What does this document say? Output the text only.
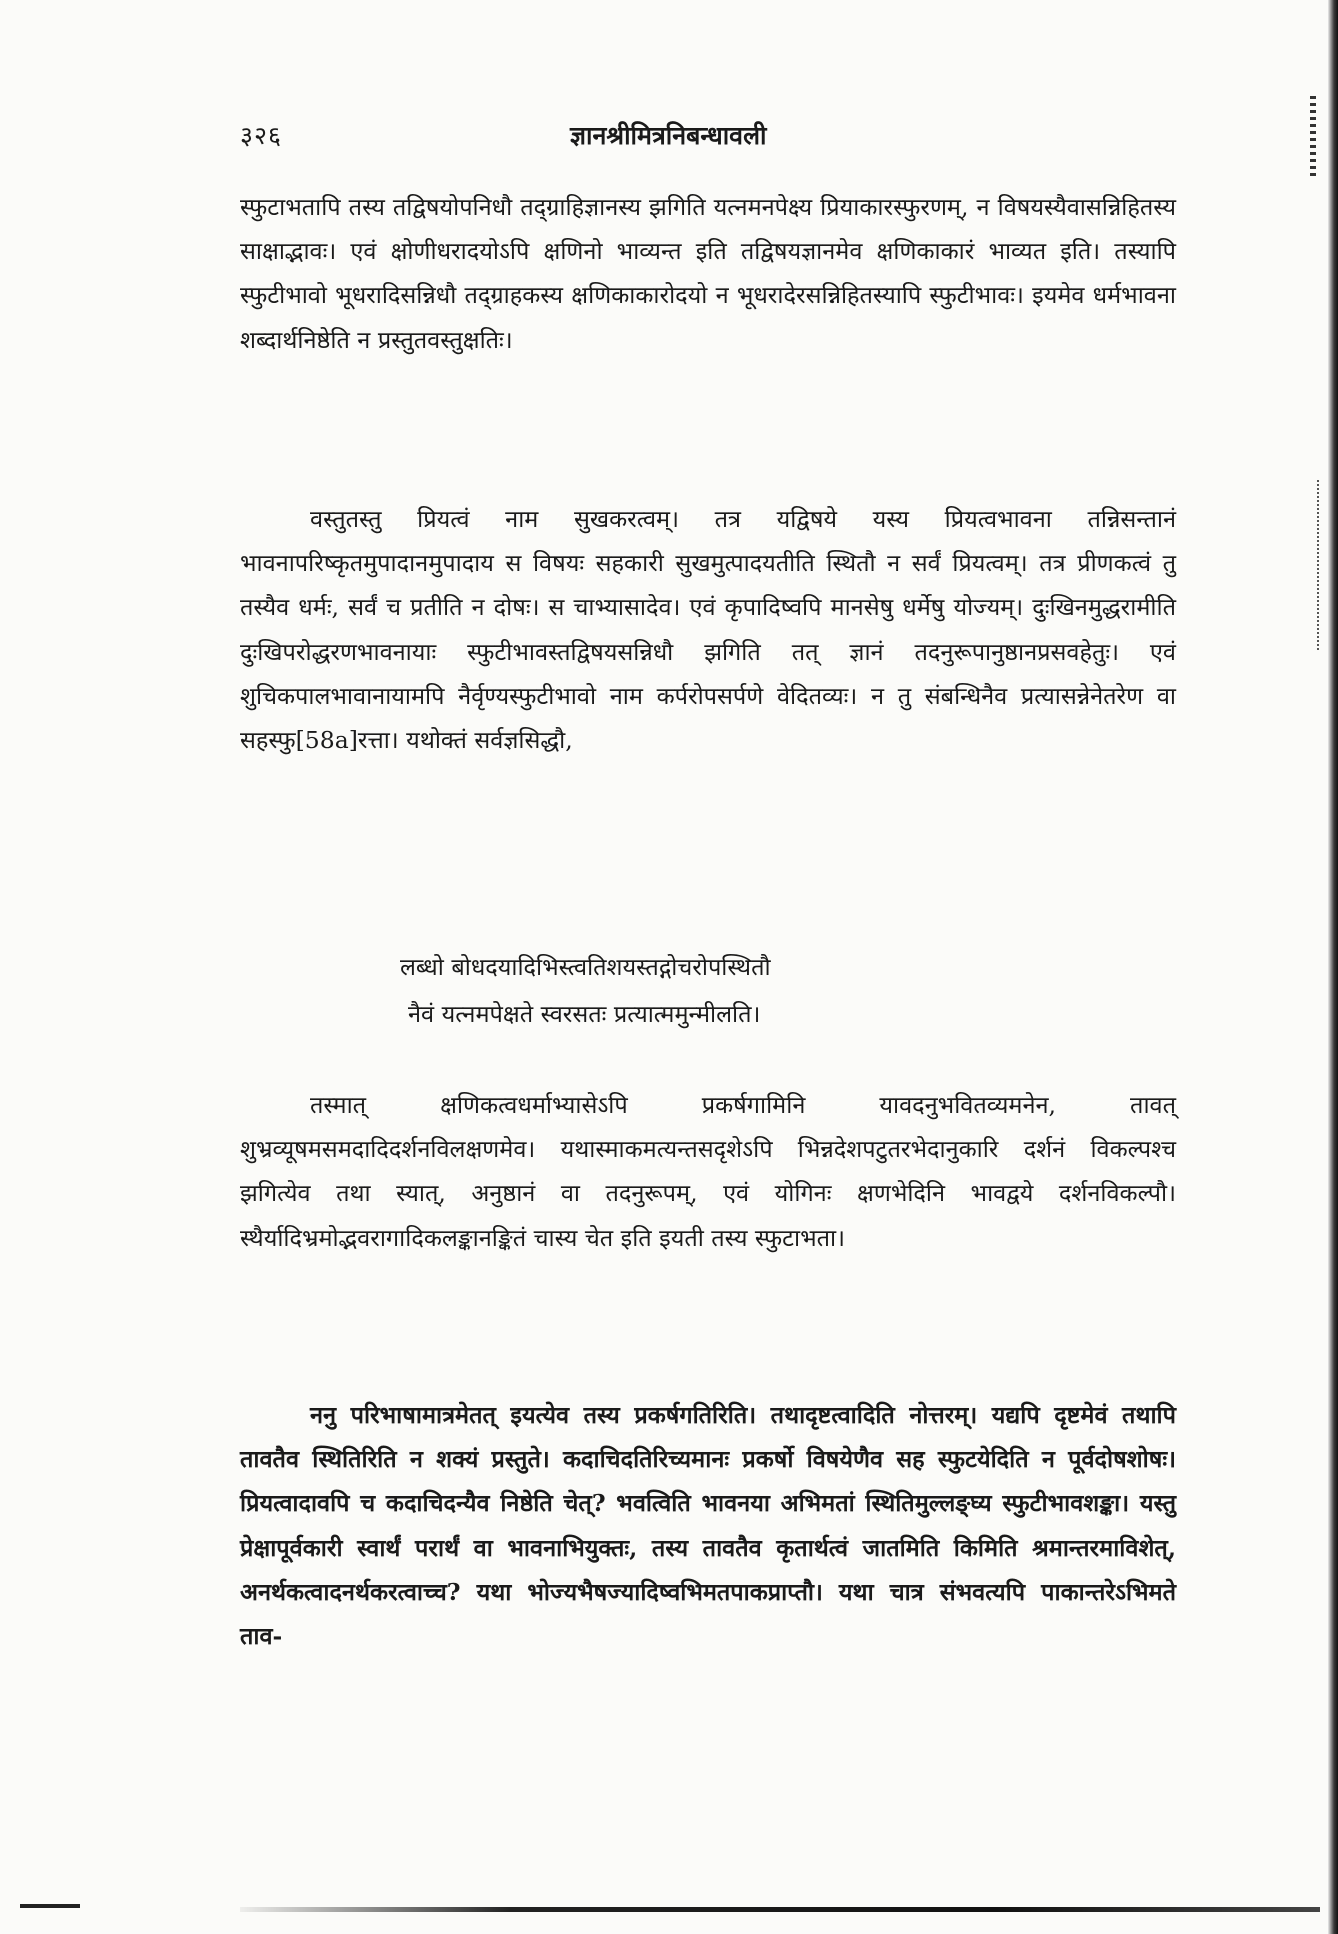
३२६	ज्ञानश्रीमित्रनिबन्धावली

स्फुटाभतापि तस्य तद्विषयोपनिधौ तद्ग्राहिज्ञानस्य झगिति यत्नमनपेक्ष्य प्रियाकारस्फुरणम्, न विषयस्यैवासन्निहितस्य साक्षाद्भावः। एवं क्षोणीधरादयोऽपि क्षणिनो भाव्यन्त इति तद्विषयज्ञानमेव क्षणिकाकारं भाव्यत इति। तस्यापि स्फुटीभावो भूधरादिसन्निधौ तद्ग्राहकस्य क्षणिकाकारोदयो न भूधरादेरसन्निहितस्यापि स्फुटीभावः। इयमेव धर्मभावना शब्दार्थनिष्ठेति न प्रस्तुतवस्तुक्षतिः।

वस्तुतस्तु प्रियत्वं नाम सुखकरत्वम्। तत्र यद्विषये यस्य प्रियत्वभावना तन्निसन्तानं भावनापरिष्कृतमुपादानमुपादाय स विषयः सहकारी सुखमुत्पादयतीति स्थितौ न सर्वं प्रियत्वम्। तत्र प्रीणकत्वं तु तस्यैव धर्मः, सर्वं च प्रतीति न दोषः। स चाभ्यासादेव। एवं कृपादिष्वपि मानसेषु धर्मेषु योज्यम्। दुःखिनमुद्धरामीति दुःखिपरोद्धरणभावनायाः स्फुटीभावस्तद्विषयसन्निधौ झगिति तत् ज्ञानं तदनुरूपानुष्ठानप्रसवहेतुः। एवं शुचिकपालभावानायामपि नैर्वृण्यस्फुटीभावो नाम कर्परोपसर्पणे वेदितव्यः। न तु संबन्धिनैव प्रत्यासन्नेनेतरेण वा सहस्फु[58a]रत्ता। यथोक्तं सर्वज्ञसिद्धौ,

लब्धो बोधदयादिभिस्त्वतिशयस्तद्गोचरोपस्थितौ
नैवं यत्नमपेक्षते स्वरसतः प्रत्यात्ममुन्मीलति।

तस्मात् क्षणिकत्वधर्माभ्यासेऽपि प्रकर्षगामिनि यावदनुभवितव्यमनेन, तावत् शुभ्रव्यूषमसमदादिदर्शनविलक्षणमेव। यथास्माकमत्यन्तसदृशेऽपि भिन्नदेशपटुतरभेदानुकारि दर्शनं विकल्पश्च झगित्येव तथा स्यात्, अनुष्ठानं वा तदनुरूपम्, एवं योगिनः क्षणभेदिनि भावद्वये दर्शनविकल्पौ। स्थैर्यादिभ्रमोद्भवरागादिकलङ्कानङ्कितं चास्य चेत इति इयती तस्य स्फुटाभता।

ननु परिभाषामात्रमेतत् इयत्येव तस्य प्रकर्षगतिरिति। तथादृष्टत्वादिति नोत्तरम्। यद्यपि दृष्टमेवं तथापि तावतैव स्थितिरिति न शक्यं प्रस्तुते। कदाचिदतिरिच्यमानः प्रकर्षो विषयेणैव सह स्फुटयेदिति न पूर्वदोषशोषः। प्रियत्वादावपि च कदाचिदन्यैव निष्ठेति चेत्? भवत्विति भावनया अभिमतां स्थितिमुल्लङ्घ्य स्फुटीभावशङ्का। यस्तु प्रेक्षापूर्वकारी स्वार्थं परार्थं वा भावनाभियुक्तः, तस्य तावतैव कृतार्थत्वं जातमिति किमिति श्रमान्तरमाविशेत्, अनर्थकत्वादनर्थकरत्वाच्च? यथा भोज्यभैषज्यादिष्वभिमतपाकप्राप्तौ। यथा चात्र संभवत्यपि पाकान्तरेऽभिमते ताव-
